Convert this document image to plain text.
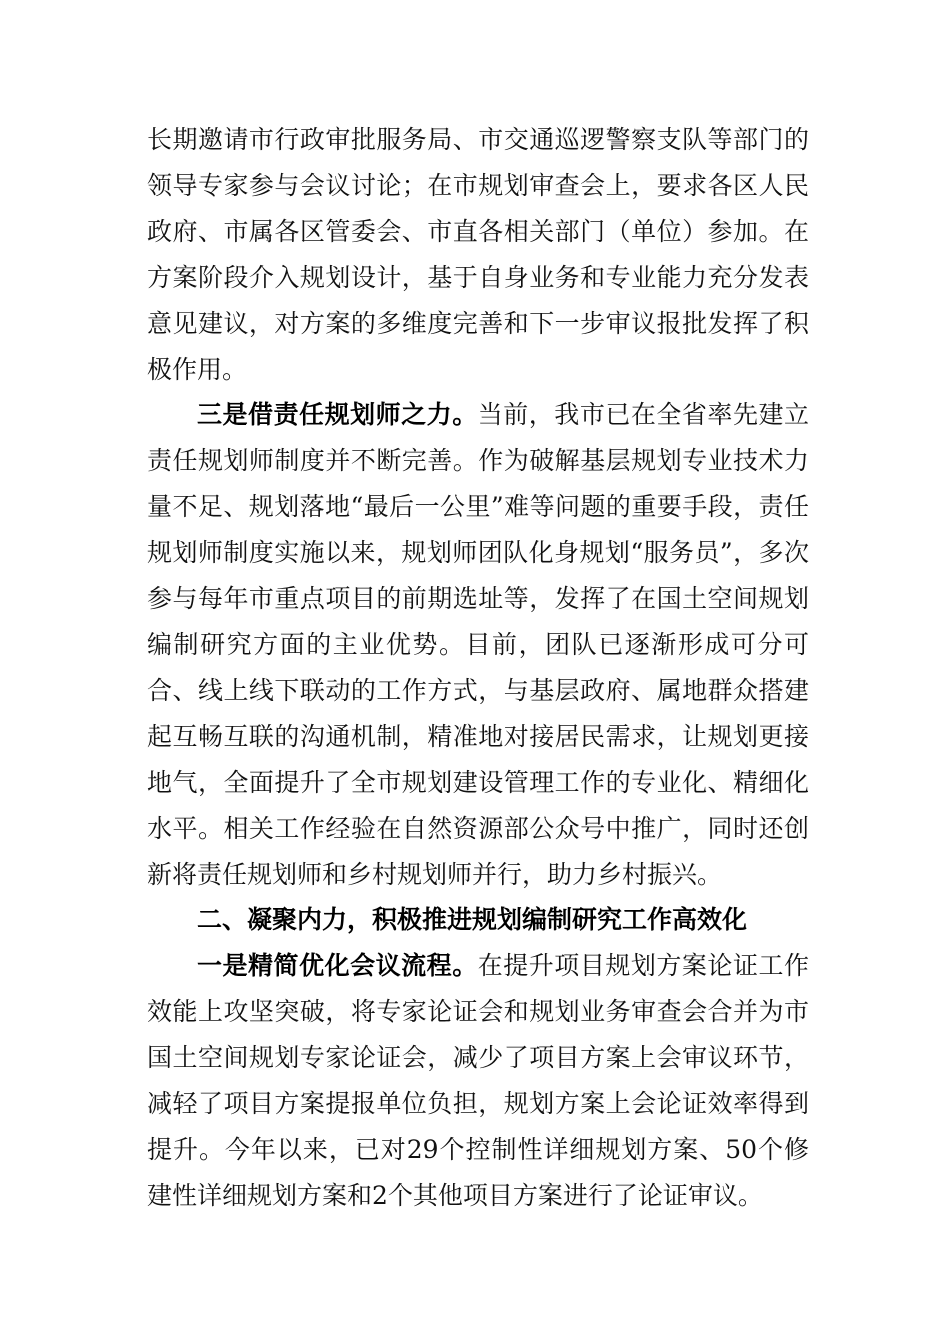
长期邀请市行政审批服务局、市交通巡逻警察支队等部门的领导专家参与会议讨论；在市规划审查会上，要求各区人民政府、市属各区管委会、市直各相关部门（单位）参加。在方案阶段介入规划设计，基于自身业务和专业能力充分发表意见建议，对方案的多维度完善和下一步审议报批发挥了积极作用。

三是借责任规划师之力。当前，我市已在全省率先建立责任规划师制度并不断完善。作为破解基层规划专业技术力量不足、规划落地“最后一公里”难等问题的重要手段，责任规划师制度实施以来，规划师团队化身规划“服务员”，多次参与每年市重点项目的前期选址等，发挥了在国土空间规划编制研究方面的主业优势。目前，团队已逐渐形成可分可合、线上线下联动的工作方式，与基层政府、属地群众搭建起互畅互联的沟通机制，精准地对接居民需求，让规划更接地气，全面提升了全市规划建设管理工作的专业化、精细化水平。相关工作经验在自然资源部公众号中推广，同时还创新将责任规划师和乡村规划师并行，助力乡村振兴。

二、凝聚内力，积极推进规划编制研究工作高效化

一是精简优化会议流程。在提升项目规划方案论证工作效能上攻坚突破，将专家论证会和规划业务审查会合并为市国土空间规划专家论证会，减少了项目方案上会审议环节，减轻了项目方案提报单位负担，规划方案上会论证效率得到提升。今年以来，已对29个控制性详细规划方案、50个修建性详细规划方案和2个其他项目方案进行了论证审议。
